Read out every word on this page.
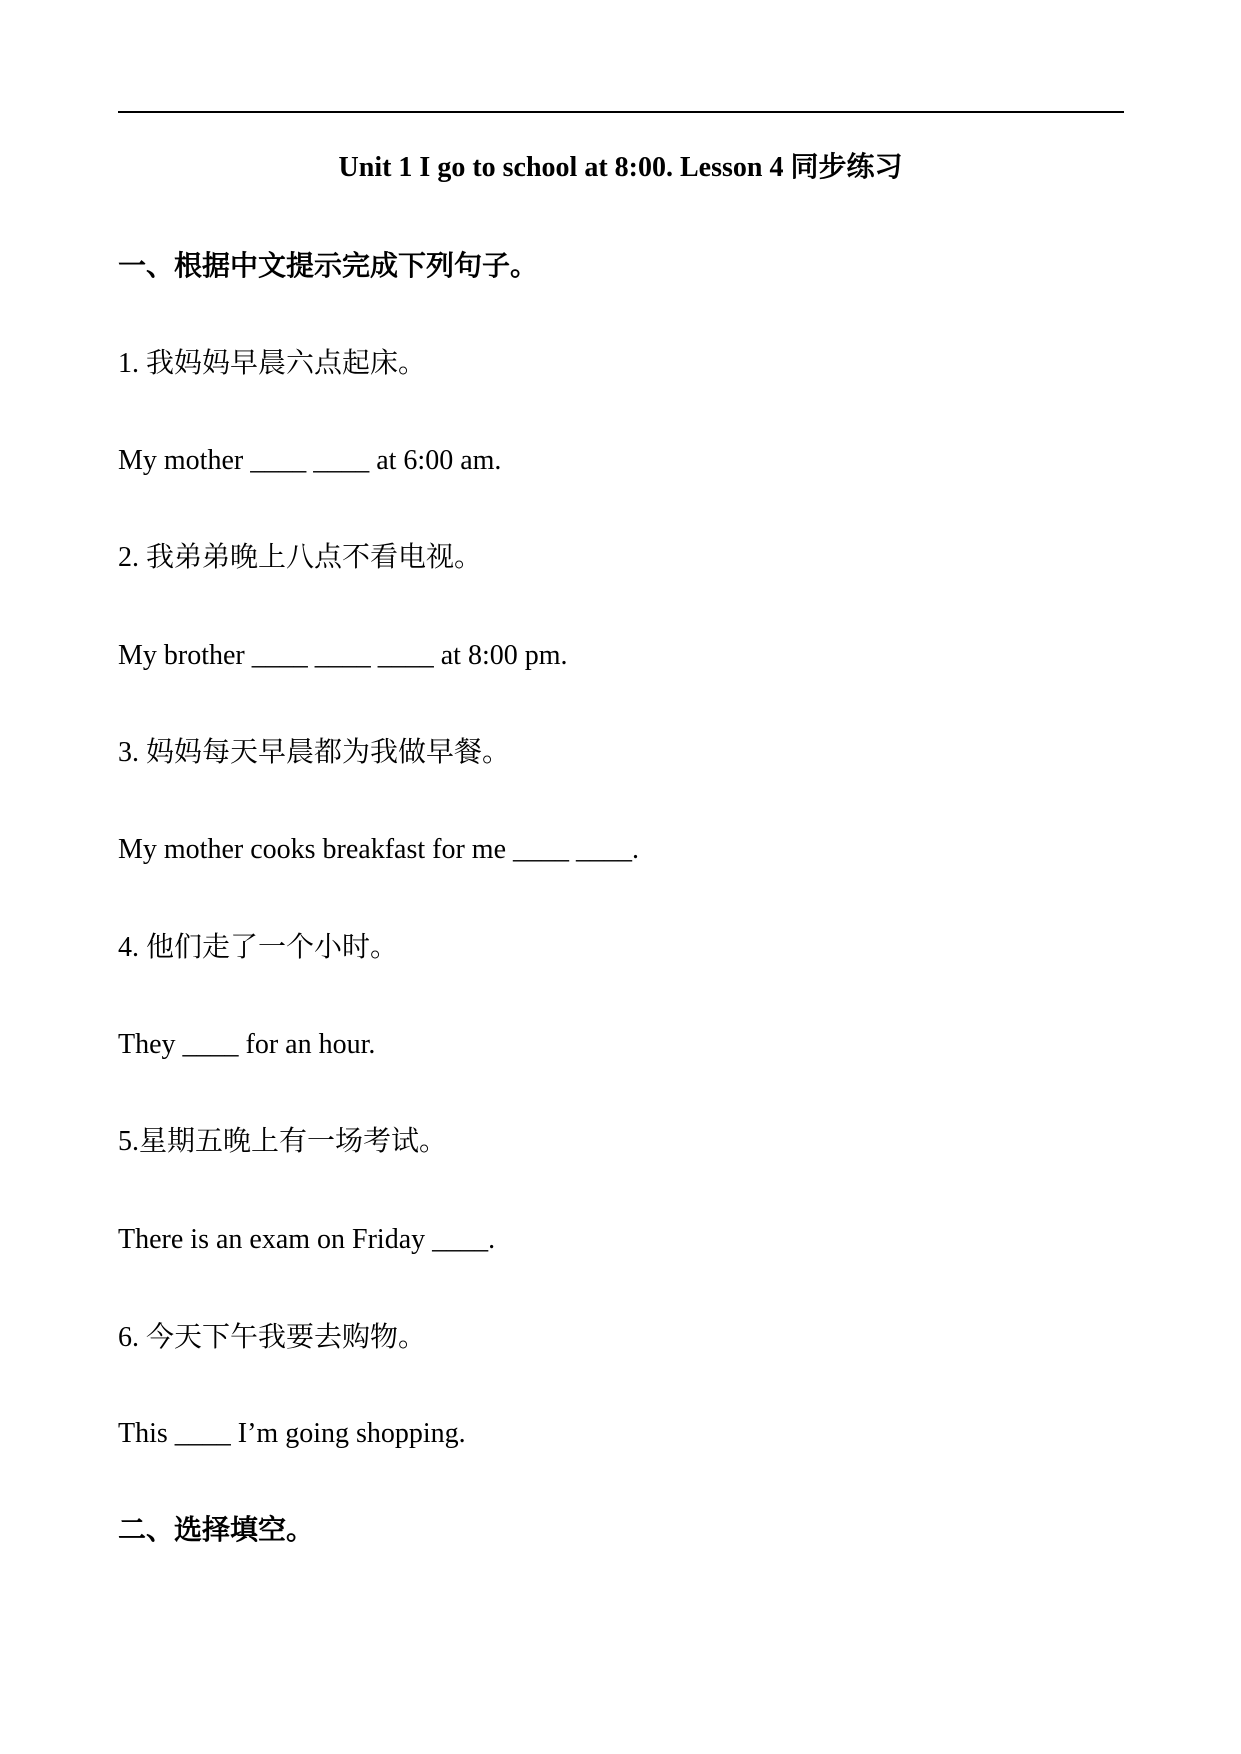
Unit 1 I go to school at 8:00. Lesson 4 同步练习
一、根据中文提示完成下列句子。
1. 我妈妈早晨六点起床。
My mother ____ ____ at 6:00 am.
2. 我弟弟晚上八点不看电视。
My brother ____ ____ ____ at 8:00 pm.
3. 妈妈每天早晨都为我做早餐。
My mother cooks breakfast for me ____ ____.
4. 他们走了一个小时。
They ____ for an hour.
5.星期五晚上有一场考试。
There is an exam on Friday ____.
6. 今天下午我要去购物。
This ____ I’m going shopping.
二、选择填空。
